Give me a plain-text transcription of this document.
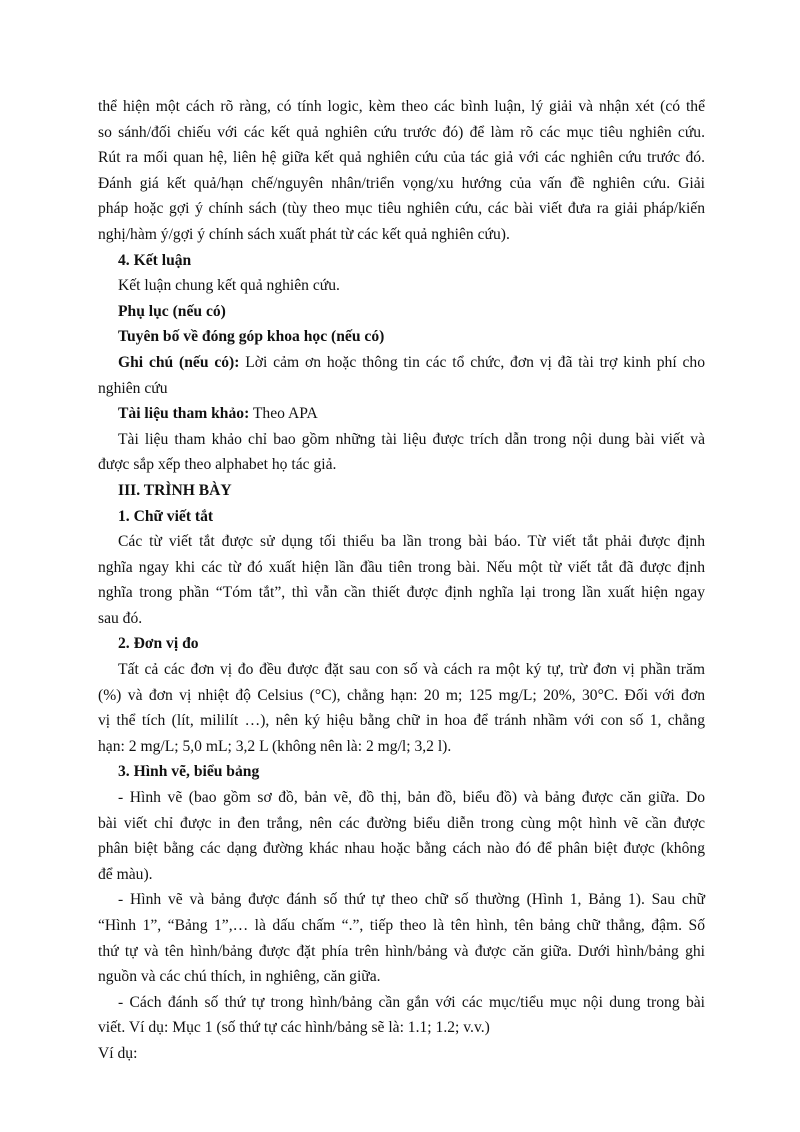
thể hiện một cách rõ ràng, có tính logic, kèm theo các bình luận, lý giải và nhận xét (có thể
so sánh/đối chiếu với các kết quả nghiên cứu trước đó) để làm rõ các mục tiêu nghiên cứu.
Rút ra mối quan hệ, liên hệ giữa kết quả nghiên cứu của tác giả với các nghiên cứu trước đó.
Đánh giá kết quả/hạn chế/nguyên nhân/triển vọng/xu hướng của vấn đề nghiên cứu. Giải
pháp hoặc gợi ý chính sách (tùy theo mục tiêu nghiên cứu, các bài viết đưa ra giải pháp/kiến
nghị/hàm ý/gợi ý chính sách xuất phát từ các kết quả nghiên cứu).

4. Kết luận

Kết luận chung kết quả nghiên cứu.

Phụ lục (nếu có)

Tuyên bố về đóng góp khoa học (nếu có)

Ghi chú (nếu có): Lời cảm ơn hoặc thông tin các tổ chức, đơn vị đã tài trợ kinh phí cho
nghiên cứu

Tài liệu tham khảo: Theo APA

Tài liệu tham khảo chỉ bao gồm những tài liệu được trích dẫn trong nội dung bài viết và
được sắp xếp theo alphabet họ tác giả.

III. TRÌNH BÀY

1. Chữ viết tắt

Các từ viết tắt được sử dụng tối thiểu ba lần trong bài báo. Từ viết tắt phải được định
nghĩa ngay khi các từ đó xuất hiện lần đầu tiên trong bài. Nếu một từ viết tắt đã được định
nghĩa trong phần “Tóm tắt”, thì vẫn cần thiết được định nghĩa lại trong lần xuất hiện ngay
sau đó.

2. Đơn vị đo

Tất cả các đơn vị đo đều được đặt sau con số và cách ra một ký tự, trừ đơn vị phần trăm
(%) và đơn vị nhiệt độ Celsius (°C), chẳng hạn: 20 m; 125 mg/L; 20%, 30°C. Đối với đơn
vị thể tích (lít, mililít …), nên ký hiệu bằng chữ in hoa để tránh nhầm với con số 1, chẳng
hạn: 2 mg/L; 5,0 mL; 3,2 L (không nên là: 2 mg/l; 3,2 l).

3. Hình vẽ, biểu bảng

- Hình vẽ (bao gồm sơ đồ, bản vẽ, đồ thị, bản đồ, biểu đồ) và bảng được căn giữa. Do
bài viết chỉ được in đen trắng, nên các đường biểu diễn trong cùng một hình vẽ cần được
phân biệt bằng các dạng đường khác nhau hoặc bằng cách nào đó để phân biệt được (không
để màu).

- Hình vẽ và bảng được đánh số thứ tự theo chữ số thường (Hình 1, Bảng 1). Sau chữ
“Hình 1”, “Bảng 1”,… là dấu chấm “.”, tiếp theo là tên hình, tên bảng chữ thẳng, đậm. Số
thứ tự và tên hình/bảng được đặt phía trên hình/bảng và được căn giữa. Dưới hình/bảng ghi
nguồn và các chú thích, in nghiêng, căn giữa.

- Cách đánh số thứ tự trong hình/bảng cần gắn với các mục/tiểu mục nội dung trong bài
viết. Ví dụ: Mục 1 (số thứ tự các hình/bảng sẽ là: 1.1; 1.2; v.v.)

Ví dụ:
